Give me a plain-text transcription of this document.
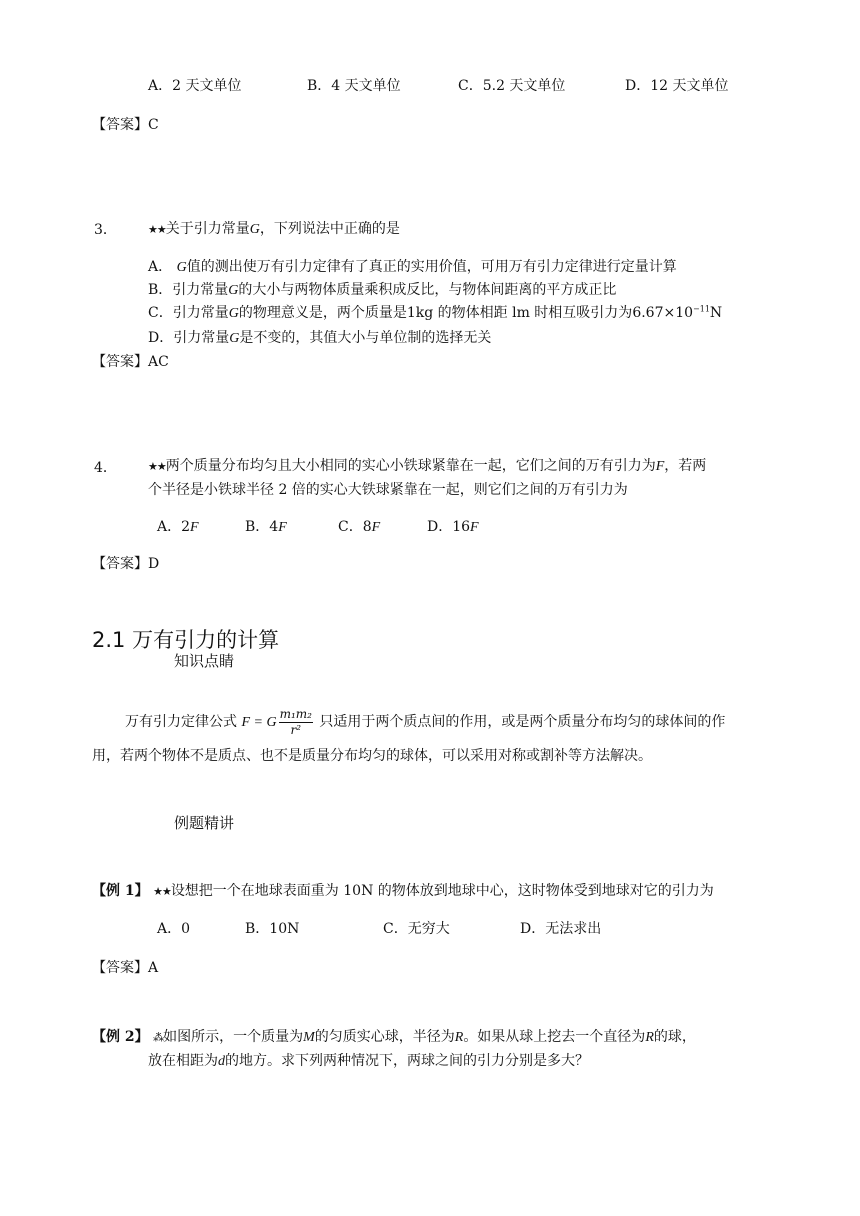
A．2 天文单位	B．4 天文单位	C．5.2 天文单位	D．12 天文单位
【答案】C
3．	★★关于引力常量G，下列说法中正确的是
A． G值的测出使万有引力定律有了真正的实用价值，可用万有引力定律进行定量计算
B．引力常量G的大小与两物体质量乘积成反比，与物体间距离的平方成正比
C．引力常量G的物理意义是，两个质量是1kg 的物体相距 lm 时相互吸引力为$6.67\times 10^{-11}N$
D．引力常量G是不变的，其值大小与单位制的选择无关
【答案】AC
4．	★★两个质量分布均匀且大小相同的实心小铁球紧靠在一起，它们之间的万有引力为F，若两
个半径是小铁球半径 2 倍的实心大铁球紧靠在一起，则它们之间的万有引力为
A．2F	B．4F	C．8F	D．16F
【答案】D
2.1 万有引力的计算
知识点睛
万有引力定律公式 F = G $\frac{\text{m₁m₂}}{\text{r²}}$ 只适用于两个质点间的作用，或是两个质量分布均匀的球体间的作
用，若两个物体不是质点、也不是质量分布均匀的球体，可以采用对称或割补等方法解决。
例题精讲
【例 1】 ★★设想把一个在地球表面重为 10N 的物体放到地球中心，这时物体受到地球对它的引力为
A．0	B．10N	C．无穷大	D．无法求出
【答案】A
【例 2】 ⁂如图所示，一个质量为M的匀质实心球，半径为R。如果从球上挖去一个直径为R的球，
放在相距为d的地方。求下列两种情况下，两球之间的引力分别是多大？
